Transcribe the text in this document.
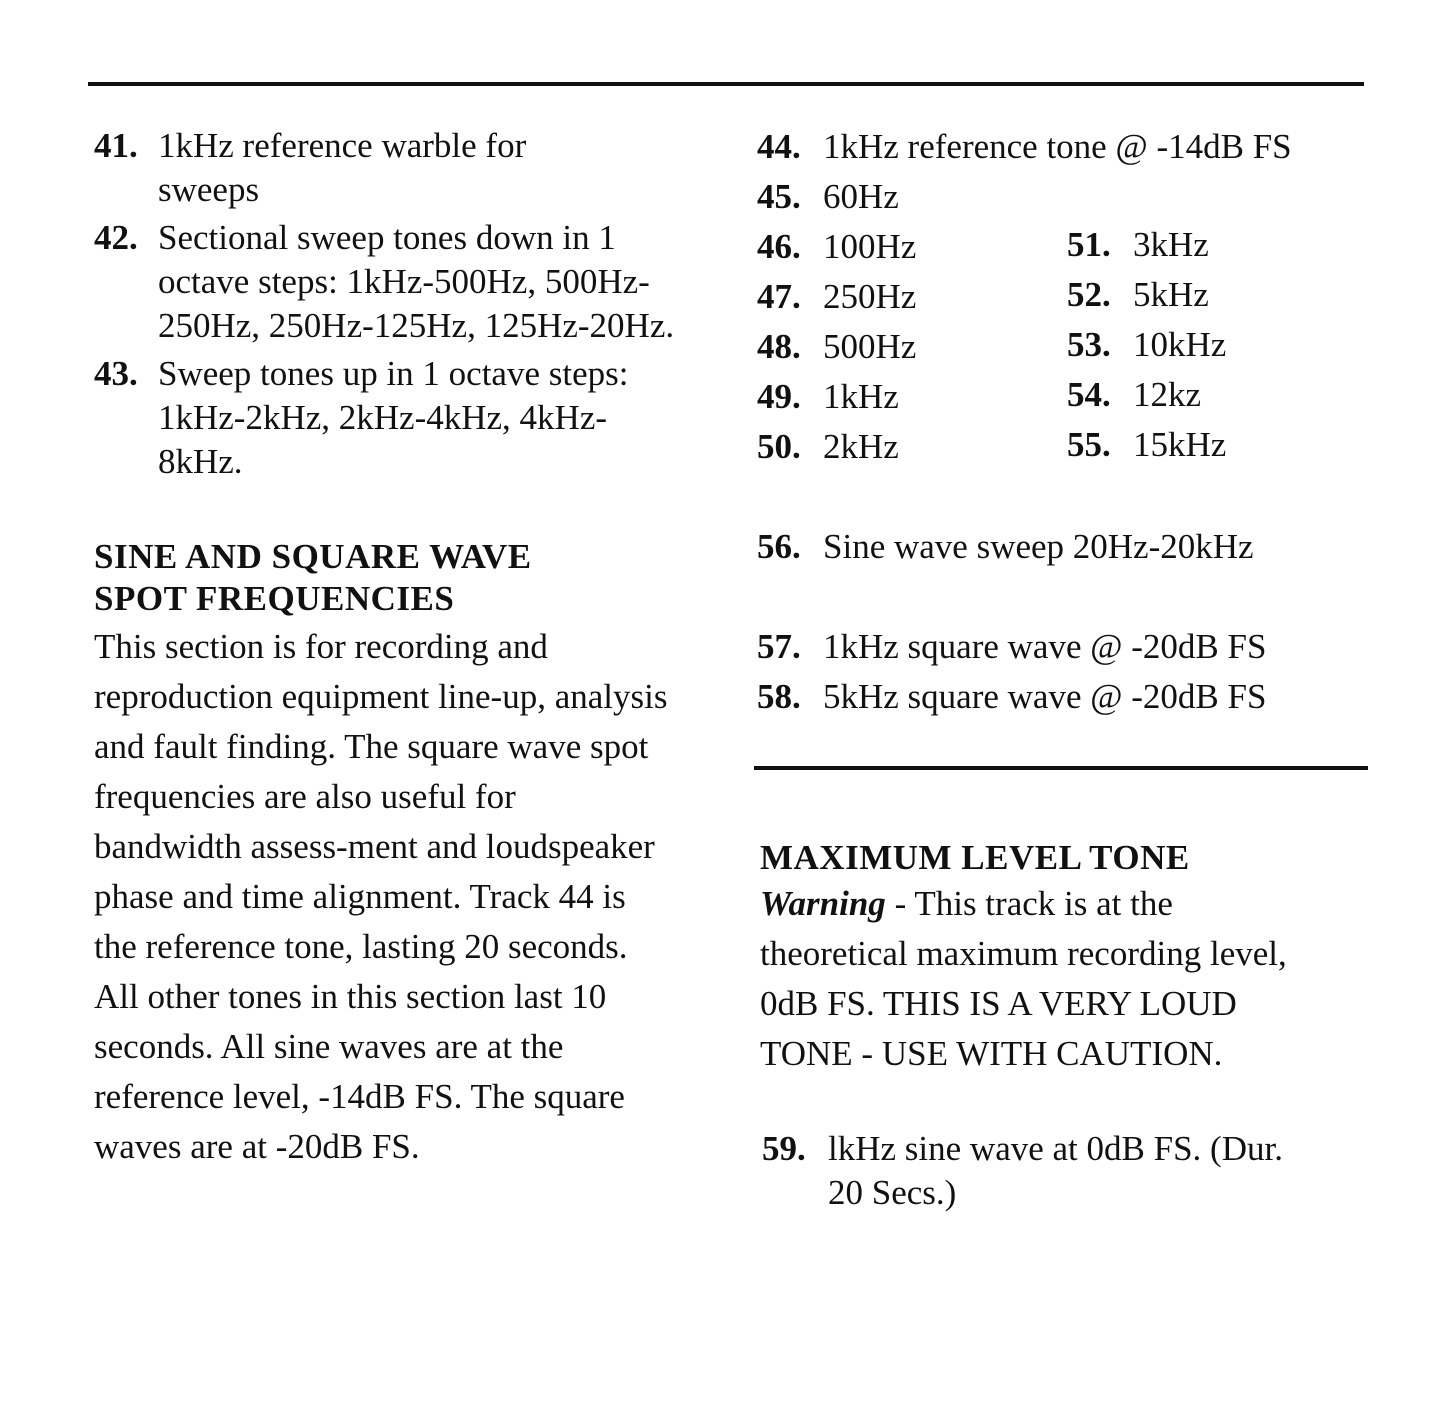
41. 1kHz reference warble for sweeps
42. Sectional sweep tones down in 1 octave steps: 1kHz-500Hz, 500Hz-250Hz, 250Hz-125Hz, 125Hz-20Hz.
43. Sweep tones up in 1 octave steps: 1kHz-2kHz, 2kHz-4kHz, 4kHz-8kHz.
SINE AND SQUARE WAVE
SPOT FREQUENCIES
This section is for recording and reproduction equipment line-up, analysis and fault finding. The square wave spot frequencies are also useful for bandwidth assess-ment and loudspeaker phase and time alignment. Track 44 is the reference tone, lasting 20 seconds. All other tones in this section last 10 seconds. All sine waves are at the reference level, -14dB FS. The square waves are at -20dB FS.
44. 1kHz reference tone @ -14dB FS
45. 60Hz
46. 100Hz
47. 250Hz
48. 500Hz
49. 1kHz
50. 2kHz
51. 3kHz
52. 5kHz
53. 10kHz
54. 12kz
55. 15kHz
56. Sine wave sweep 20Hz-20kHz
57. 1kHz square wave @ -20dB FS
58. 5kHz square wave @ -20dB FS
MAXIMUM LEVEL TONE
Warning - This track is at the theoretical maximum recording level, 0dB FS. THIS IS A VERY LOUD TONE - USE WITH CAUTION.
59. lkHz sine wave at 0dB FS. (Dur. 20 Secs.)
